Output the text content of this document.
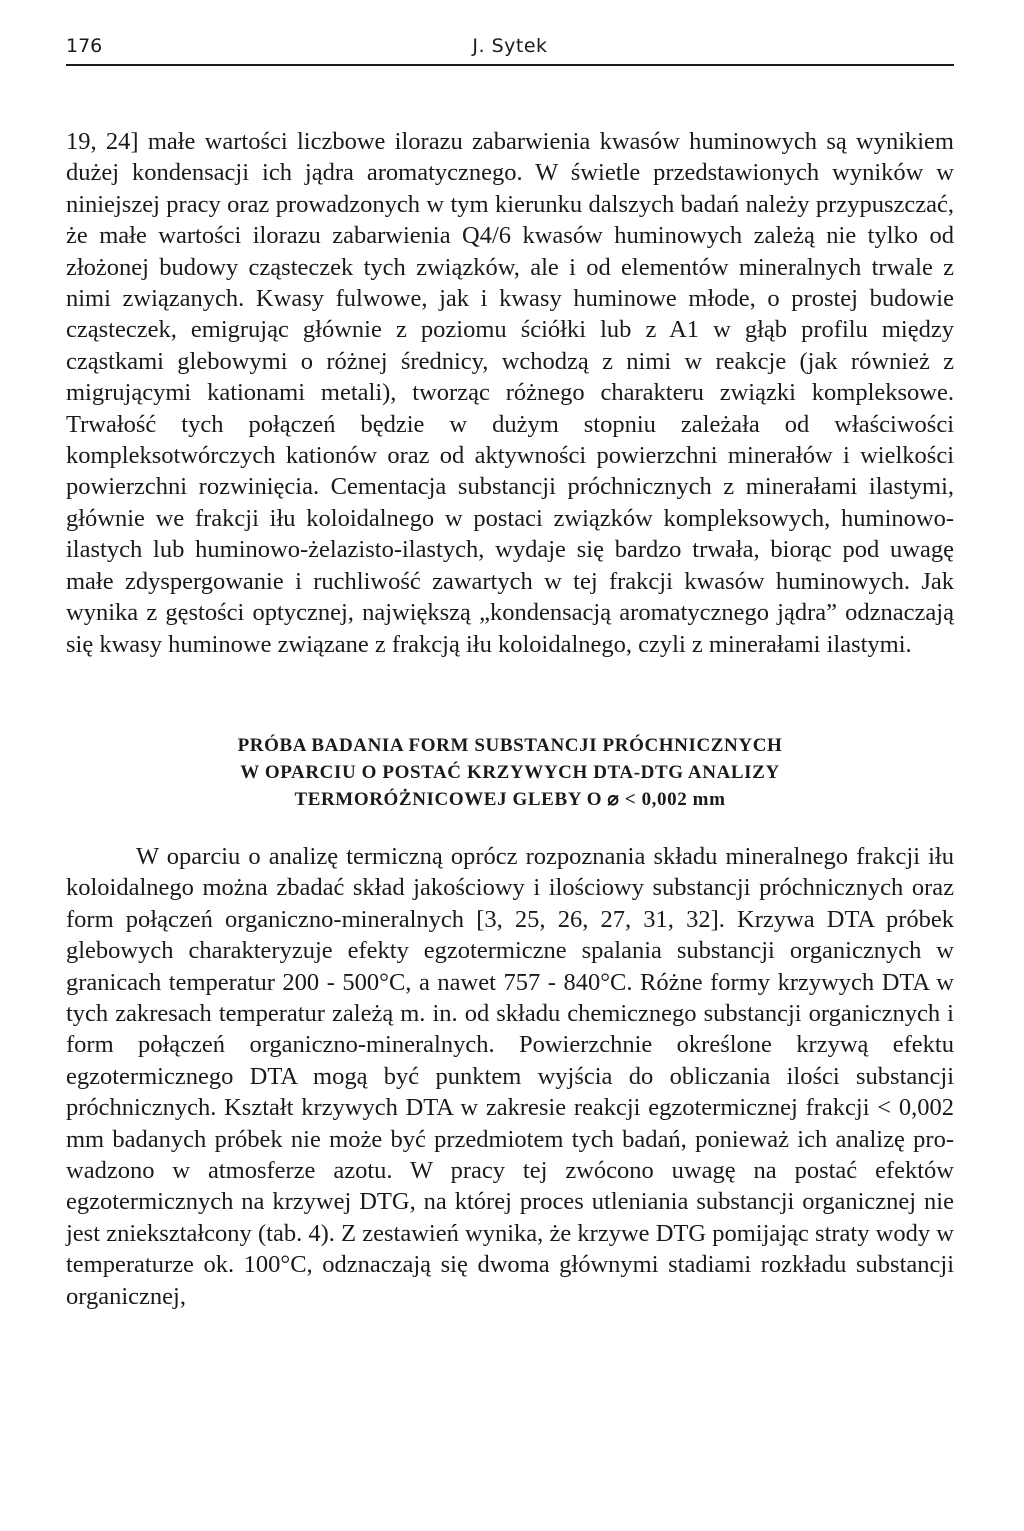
176	J. Sytek

19, 24] małe wartości liczbowe ilorazu zabarwienia kwasów huminowych są wynikiem dużej kondensacji ich jądra aromatycznego. W świetle przedstawionych wyników w niniejszej pracy oraz prowadzonych w tym kierunku dalszych badań należy przypuszczać, że małe wartości ilorazu zabarwienia Q4/6 kwasów huminowych zależą nie tylko od złożonej budowy cząsteczek tych związków, ale i od elementów mineralnych trwale z nimi związanych. Kwasy fulwowe, jak i kwasy huminowe młode, o prostej budowie cząsteczek, emigrując głównie z poziomu ściółki lub z A1 w głąb profilu między cząstkami glebowymi o różnej średnicy, wchodzą z nimi w reakcje (jak również z migrującymi kationami metali), tworząc różnego charakteru związki kompleksowe. Trwałość tych połączeń będzie w dużym stopniu zależała od właściwości kompleksotwórczych kationów oraz od aktywności powierzchni minerałów i wielkości powierzchni rozwinięcia. Cementacja substancji próchnicznych z minerałami ilastymi, głównie we frakcji iłu koloidalnego w postaci związków kompleksowych, huminowo-ilastych lub huminowo-żelazisto-ilastych, wydaje się bardzo trwała, biorąc pod uwagę małe zdyspergowanie i ruchliwość zawartych w tej frakcji kwasów huminowych. Jak wynika z gęstości optycznej, największą „kondensacją aromatycznego jądra” odznaczają się kwasy huminowe związane z frakcją iłu koloidalnego, czyli z minerałami ilastymi.

PRÓBA BADANIA FORM SUBSTANCJI PRÓCHNICZNYCH
W OPARCIU O POSTAĆ KRZYWYCH DTA-DTG ANALIZY
TERMORÓŻNICOWEJ GLEBY O ⌀ < 0,002 mm

W oparciu o analizę termiczną oprócz rozpoznania składu mineralnego frakcji iłu koloidalnego można zbadać skład jakościowy i ilościowy substancji próchnicznych oraz form połączeń organiczno-mineralnych [3, 25, 26, 27, 31, 32]. Krzywa DTA próbek glebowych charakteryzuje efekty egzotermiczne spalania substancji organicznych w granicach temperatur 200 - 500°C, a nawet 757 - 840°C. Różne formy krzywych DTA w tych zakresach temperatur zależą m. in. od składu chemicznego substancji organicznych i form połączeń organiczno-mineralnych. Powierzchnie określone krzywą efektu egzotermicznego DTA mogą być punktem wyjścia do obliczania ilości substancji próchnicznych. Kształt krzywych DTA w zakresie reakcji egzotermicznej frakcji < 0,002 mm badanych próbek nie może być przedmiotem tych badań, ponieważ ich analizę prowadzono w atmosferze azotu. W pracy tej zwócono uwagę na postać efektów egzotermicznych na krzywej DTG, na której proces utleniania substancji organicznej nie jest zniekształcony (tab. 4). Z zestawień wynika, że krzywe DTG pomijając straty wody w temperaturze ok. 100°C, odznaczają się dwoma głównymi stadiami rozkładu substancji organicznej,
